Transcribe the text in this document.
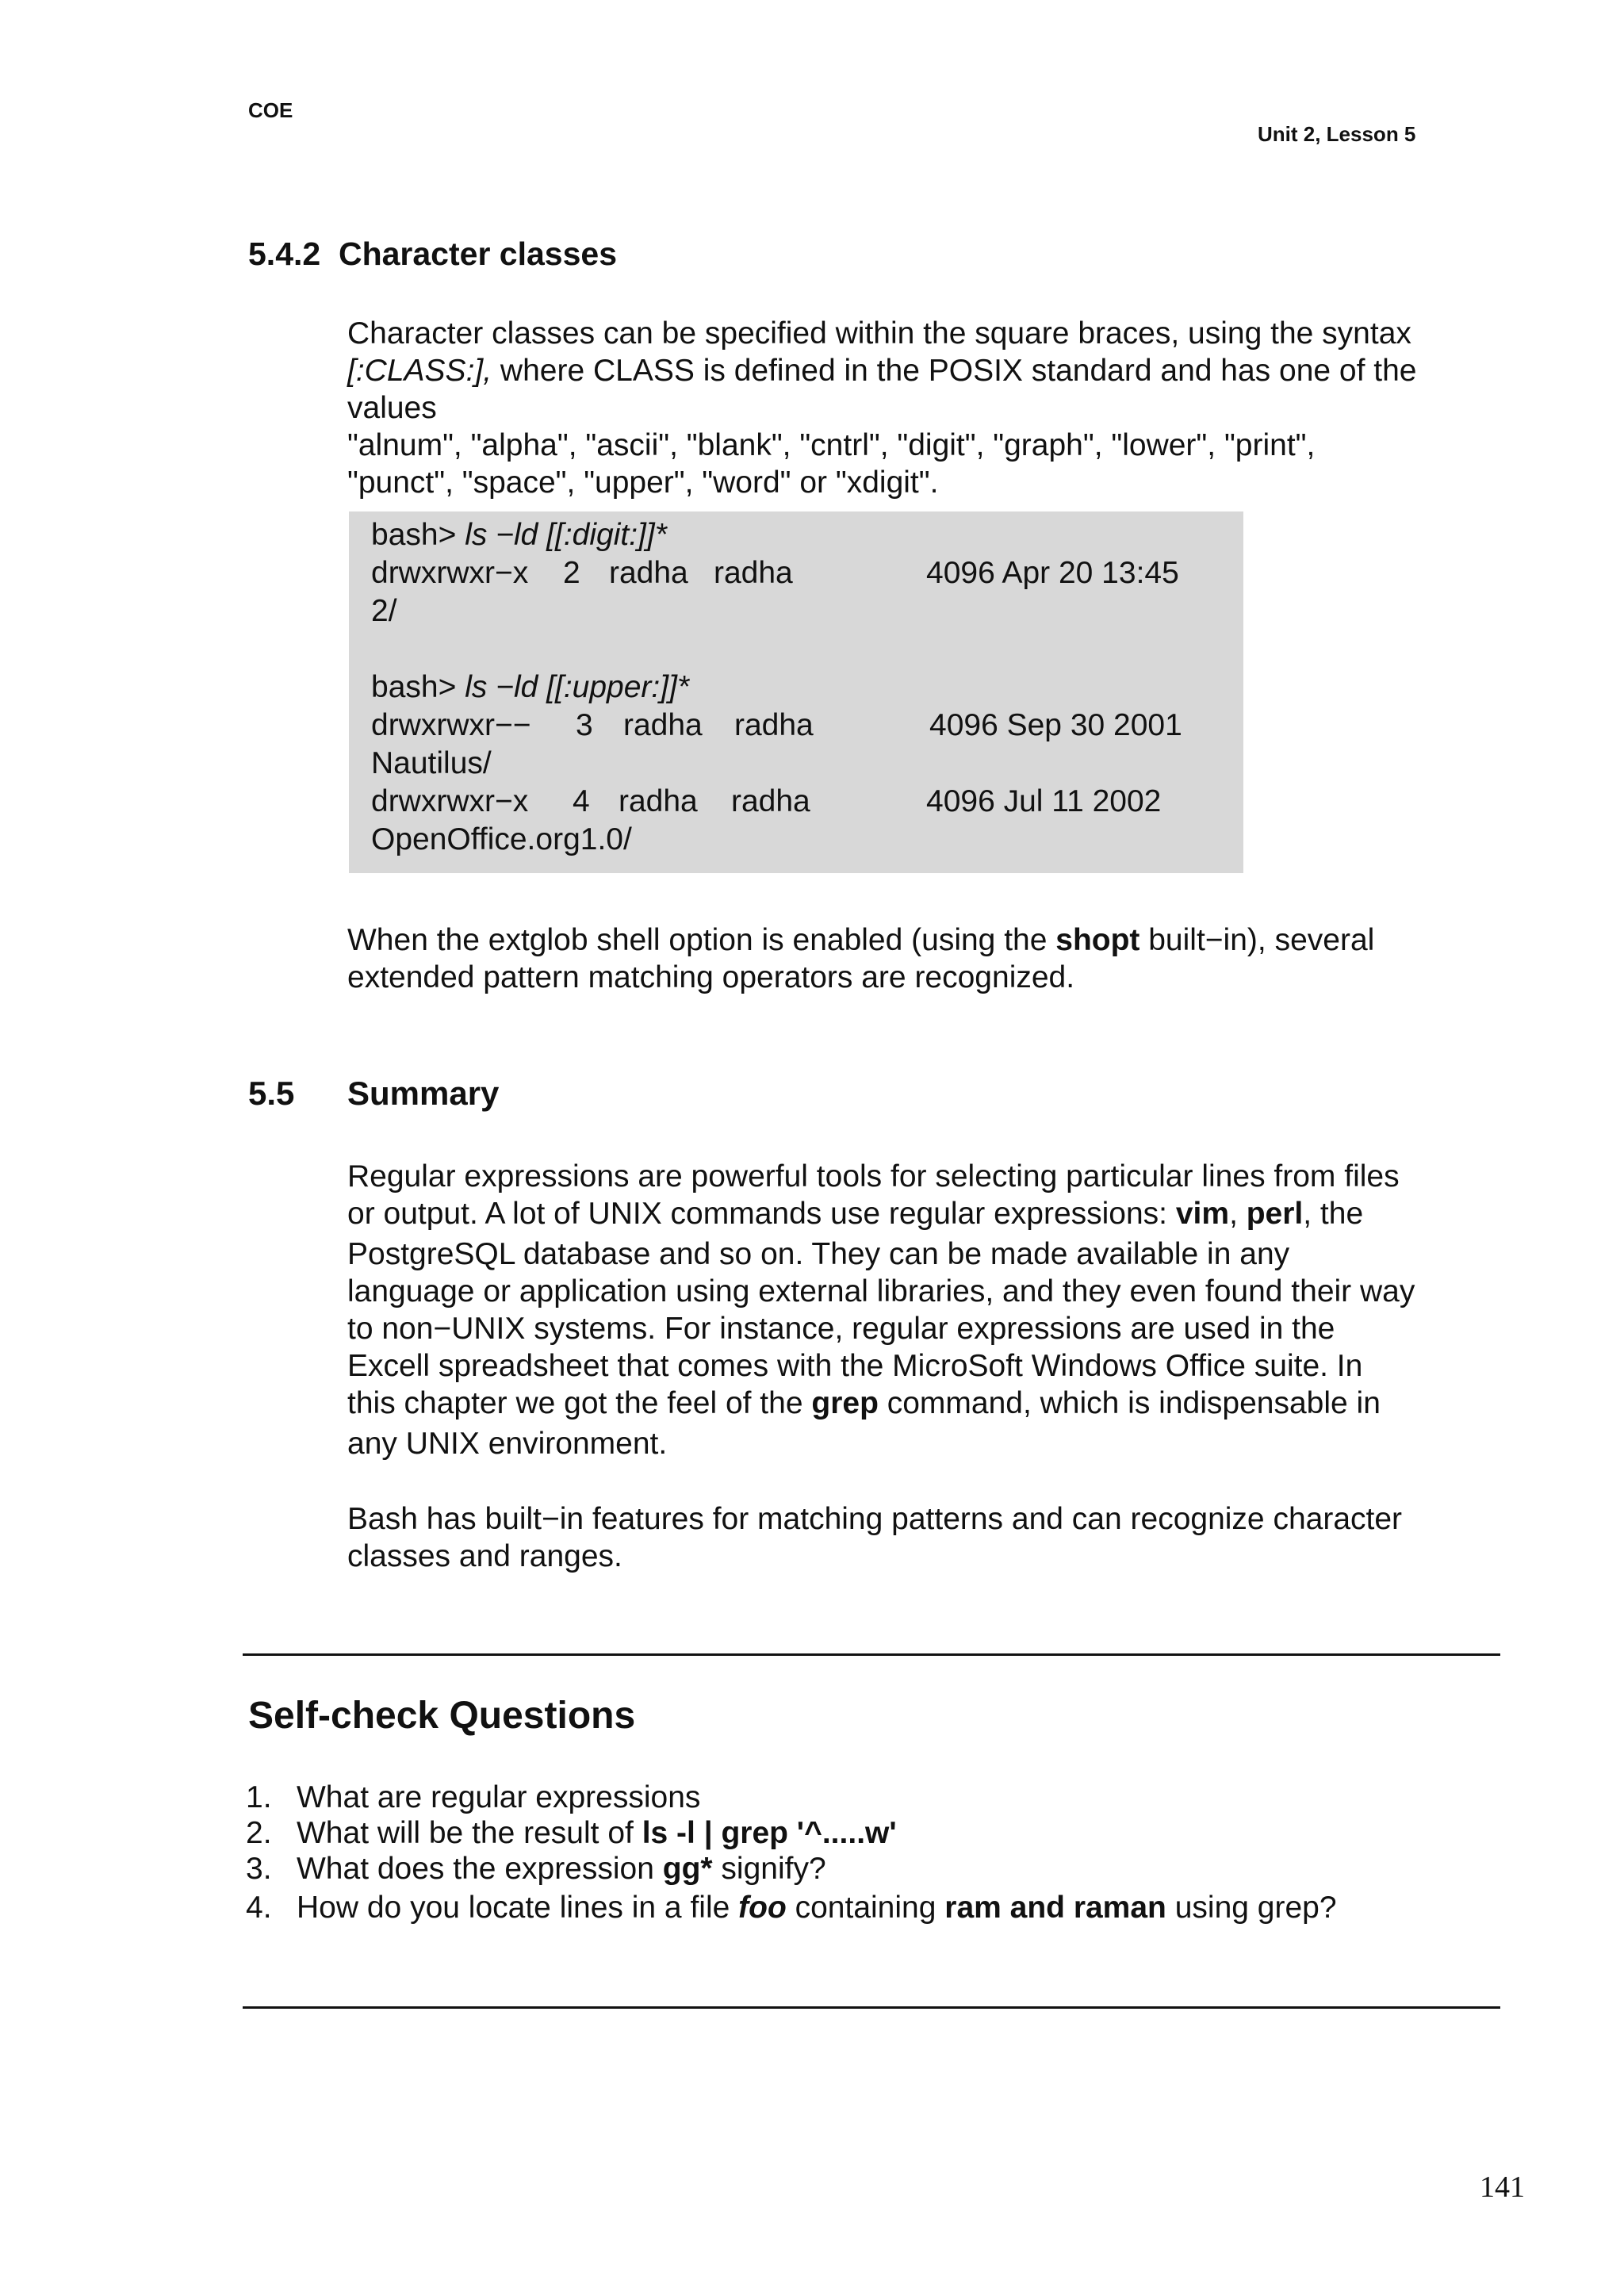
COE
Unit 2, Lesson 5
5.4.2  Character classes
Character classes can be specified within the square braces, using the syntax
[:CLASS:], where CLASS is defined in the POSIX standard and has one of the
values
"alnum", "alpha", "ascii", "blank", "cntrl", "digit", "graph", "lower", "print",
"punct", "space", "upper", "word" or "xdigit".
bash> ls −ld [[:digit:]]*
drwxrwxr−x 2 radha radha	4096 Apr 20 13:45
2/
bash> ls −ld [[:upper:]]*
drwxrwxr−− 3 radha radha	4096 Sep 30 2001
Nautilus/
drwxrwxr−x 4 radha radha	4096 Jul 11 2002
OpenOffice.org1.0/
When the extglob shell option is enabled (using the shopt built−in), several
extended pattern matching operators are recognized.
5.5 Summary
Regular expressions are powerful tools for selecting particular lines from files
or output. A lot of UNIX commands use regular expressions: vim, perl, the
PostgreSQL database and so on. They can be made available in any
language or application using external libraries, and they even found their way
to non−UNIX systems. For instance, regular expressions are used in the
Excell spreadsheet that comes with the MicroSoft Windows Office suite. In
this chapter we got the feel of the grep command, which is indispensable in
any UNIX environment.
Bash has built−in features for matching patterns and can recognize character
classes and ranges.
Self-check Questions
1. What are regular expressions
2. What will be the result of ls -l | grep '^.....w'
3. What does the expression gg* signify?
4. How do you locate lines in a file foo containing ram and raman using grep?
141
